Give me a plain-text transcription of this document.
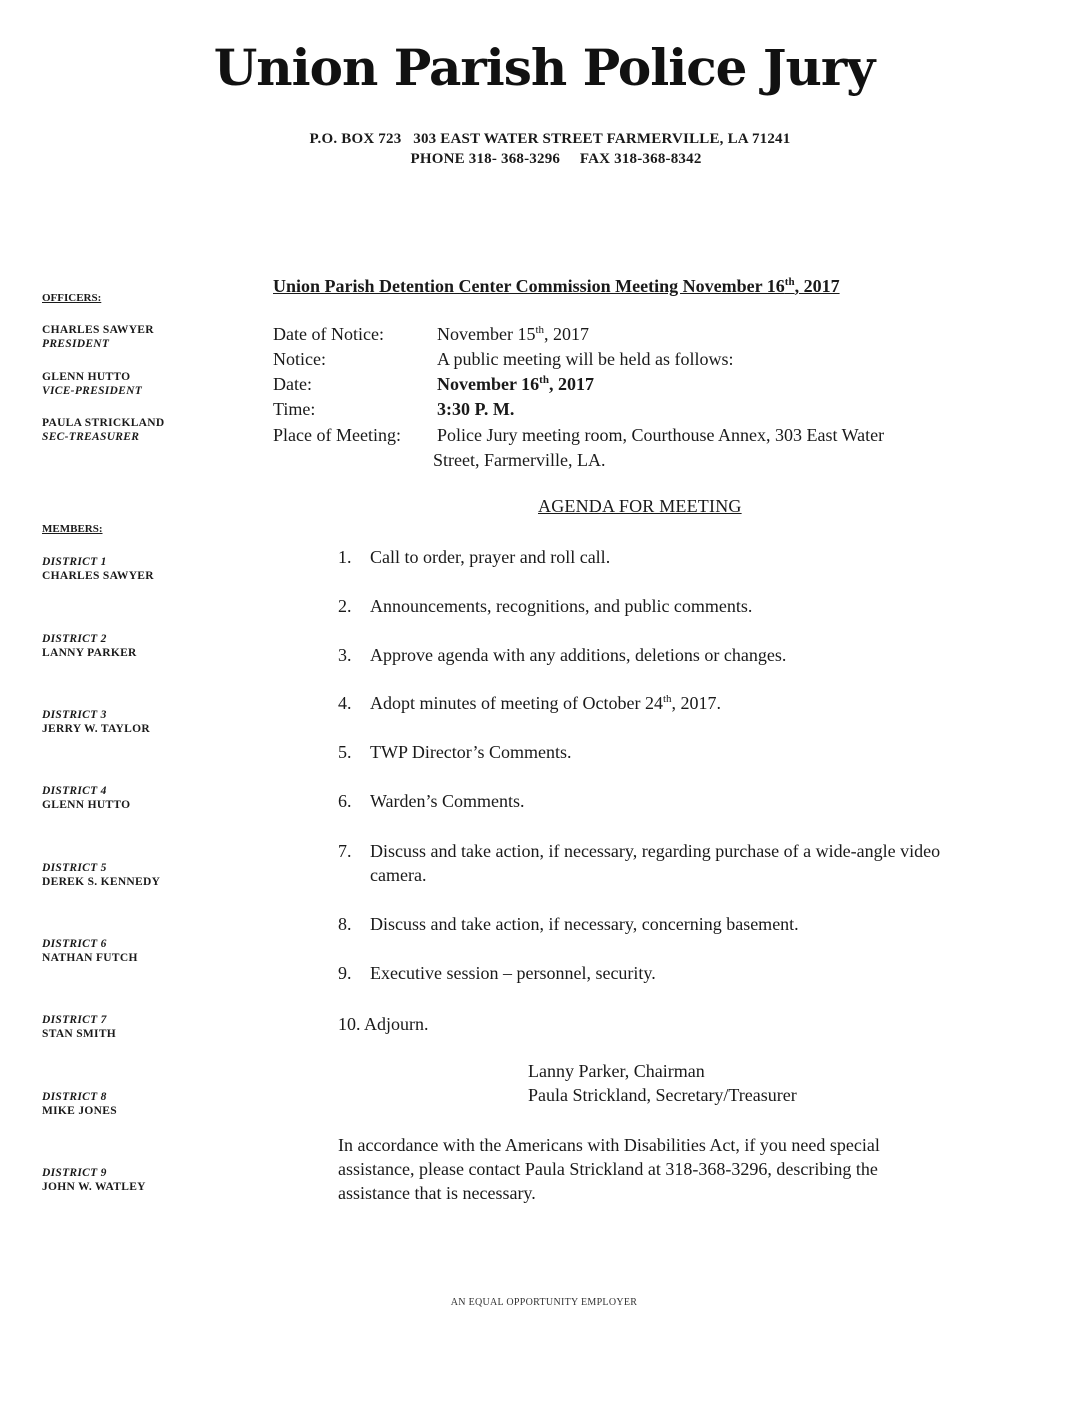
Union Parish Police Jury
P.O. BOX 723   303 EAST WATER STREET FARMERVILLE, LA 71241
PHONE 318- 368-3296     FAX 318-368-8342
OFFICERS:
CHARLES SAWYER
PRESIDENT
GLENN HUTTO
VICE-PRESIDENT
PAULA STRICKLAND
SEC-TREASURER
MEMBERS:
DISTRICT 1
CHARLES SAWYER
DISTRICT 2
LANNY PARKER
DISTRICT 3
JERRY W. TAYLOR
DISTRICT 4
GLENN HUTTO
DISTRICT 5
DEREK S. KENNEDY
DISTRICT 6
NATHAN FUTCH
DISTRICT 7
STAN SMITH
DISTRICT 8
MIKE JONES
DISTRICT 9
JOHN W. WATLEY
Union Parish Detention Center Commission Meeting November 16th, 2017
Date of Notice:	November 15th, 2017
Notice:	A public meeting will be held as follows:
Date:	November 16th, 2017
Time:	3:30 P. M.
Place of Meeting: Police Jury meeting room, Courthouse Annex, 303 East Water
Street, Farmerville, LA.
AGENDA FOR MEETING
1. Call to order, prayer and roll call.
2. Announcements, recognitions, and public comments.
3. Approve agenda with any additions, deletions or changes.
4. Adopt minutes of meeting of October 24th, 2017.
5. TWP Director’s Comments.
6. Warden’s Comments.
7. Discuss and take action, if necessary, regarding purchase of a wide-angle video camera.
8. Discuss and take action, if necessary, concerning basement.
9. Executive session – personnel, security.
10. Adjourn.
Lanny Parker, Chairman
Paula Strickland, Secretary/Treasurer
In accordance with the Americans with Disabilities Act, if you need special assistance, please contact Paula Strickland at 318-368-3296, describing the assistance that is necessary.
AN EQUAL OPPORTUNITY EMPLOYER
